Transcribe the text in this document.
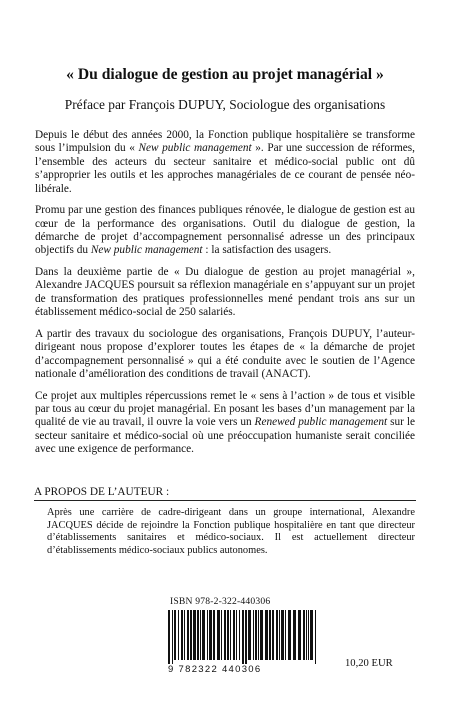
« Du dialogue de gestion au projet managérial »
Préface par François DUPUY, Sociologue des organisations

Depuis le début des années 2000, la Fonction publique hospitalière se transforme sous l’impulsion du « New public management ». Par une succession de réformes, l’ensemble des acteurs du secteur sanitaire et médico-social public ont dû s’approprier les outils et les approches managériales de ce courant de pensée néo-libérale.

Promu par une gestion des finances publiques rénovée, le dialogue de gestion est au cœur de la performance des organisations. Outil du dialogue de gestion, la démarche de projet d’accompagnement personnalisé adresse un des principaux objectifs du New public management : la satisfaction des usagers.

Dans la deuxième partie de « Du dialogue de gestion au projet managérial », Alexandre JACQUES poursuit sa réflexion managériale en s’appuyant sur un projet de transformation des pratiques professionnelles mené pendant trois ans sur un établissement médico-social de 250 salariés.

A partir des travaux du sociologue des organisations, François DUPUY, l’auteur-dirigeant nous propose d’explorer toutes les étapes de « la démarche de projet d’accompagnement personnalisé » qui a été conduite avec le soutien de l’Agence nationale d’amélioration des conditions de travail (ANACT).

Ce projet aux multiples répercussions remet le « sens à l’action » de tous et visible par tous au cœur du projet managérial. En posant les bases d’un management par la qualité de vie au travail, il ouvre la voie vers un Renewed public management sur le secteur sanitaire et médico-social où une préoccupation humaniste serait conciliée avec une exigence de performance.

A PROPOS DE L’AUTEUR :
Après une carrière de cadre-dirigeant dans un groupe international, Alexandre JACQUES décide de rejoindre la Fonction publique hospitalière en tant que directeur d’établissements sanitaires et médico-sociaux. Il est actuellement directeur d’établissements médico-sociaux publics autonomes.
ISBN 978-2-322-440306
9 782322 440306
10,20 EUR
